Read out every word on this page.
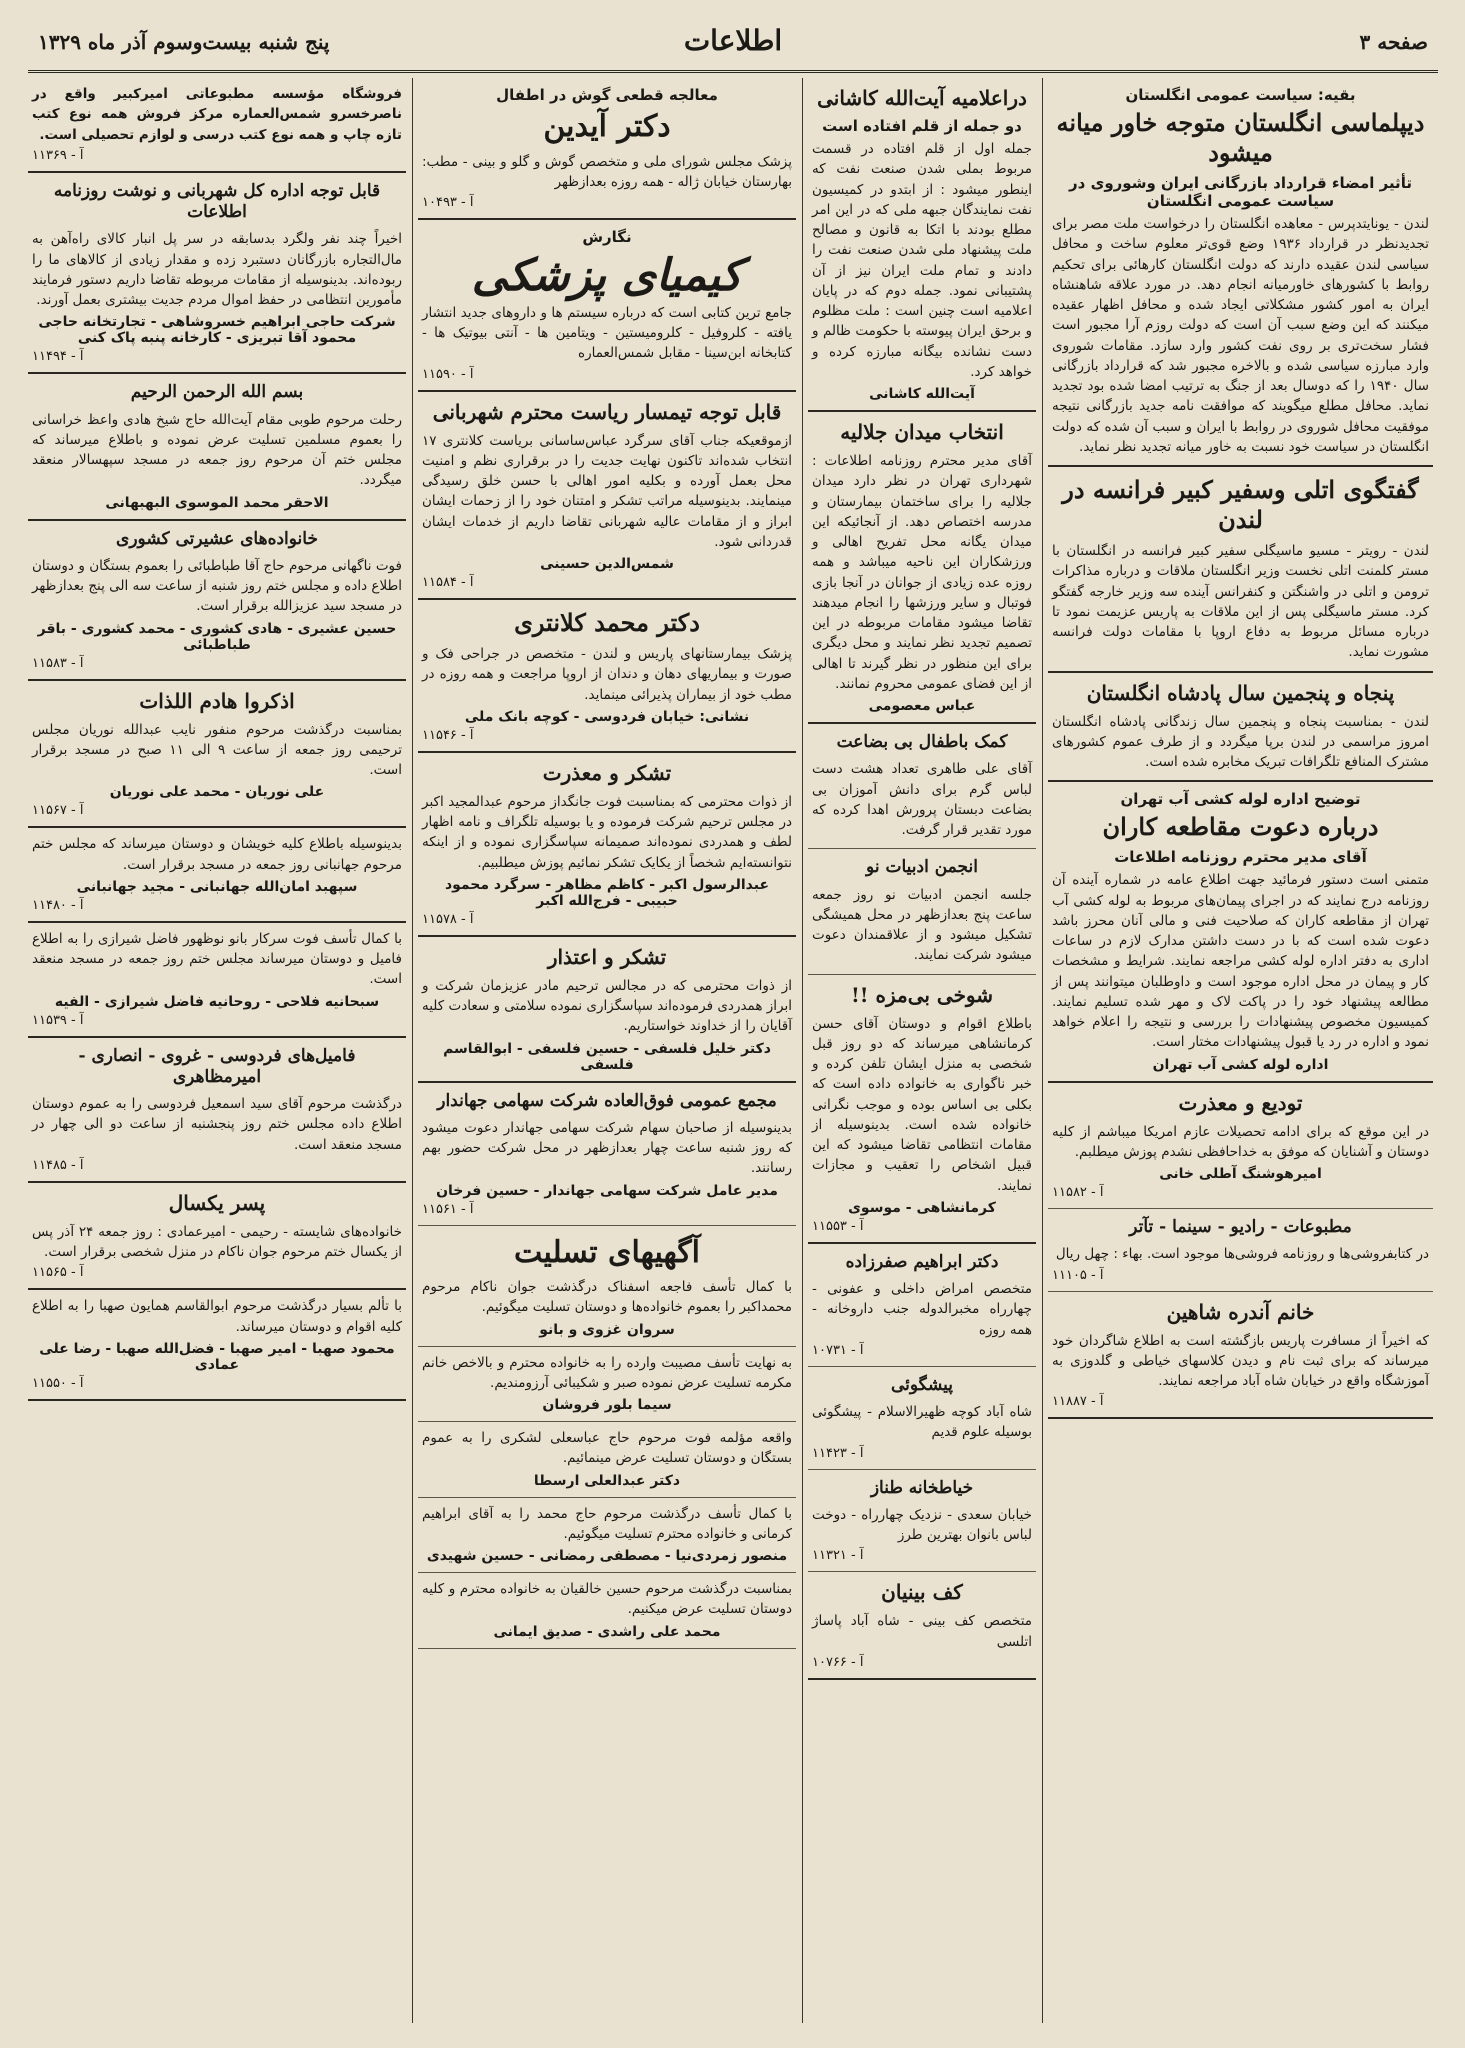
صفحه ۳
اطلاعات
پنج شنبه بیست‌وسوم آذر ماه ۱۳۲۹
بقیه: سیاست عمومی انگلستان
دیپلماسی انگلستان متوجه خاور میانه میشود
تأثیر امضاء قرارداد بازرگانی ایران وشوروی در سیاست عمومی انگلستان
لندن - یونایتدپرس - معاهده انگلستان را درخواست ملت مصر برای تجدیدنظر در قرارداد ۱۹۳۶ وضع قوی‌تر معلوم ساخت و محافل سیاسی لندن عقیده دارند که دولت انگلستان کارهائی برای تحکیم روابط با کشورهای خاورمیانه انجام دهد. در مورد علاقه شاهنشاه ایران به امور کشور مشکلاتی ایجاد شده و محافل اظهار عقیده میکنند که این وضع سبب آن است که دولت روزم آرا مجبور است فشار سخت‌تری بر روی نفت کشور وارد سازد. مقامات شوروی وارد مبارزه سیاسی شده و بالاخره مجبور شد که قرارداد بازرگانی سال ۱۹۴۰ را که دوسال بعد از جنگ به ترتیب امضا شده بود تجدید نماید. محافل مطلع میگویند که موافقت نامه جدید بازرگانی نتیجه موفقیت محافل شوروی در روابط با ایران و سبب آن شده که دولت انگلستان در سیاست خود نسبت به خاور میانه تجدید نظر نماید.
گفتگوی اتلی وسفیر کبیر فرانسه در لندن
لندن - رویتر - مسیو ماسیگلی سفیر کبیر فرانسه در انگلستان با مستر کلمنت اتلی نخست وزیر انگلستان ملاقات و درباره مذاکرات ترومن و اتلی در واشنگتن و کنفرانس آینده سه وزیر خارجه گفتگو کرد. مستر ماسیگلی پس از این ملاقات به پاریس عزیمت نمود تا درباره مسائل مربوط به دفاع اروپا با مقامات دولت فرانسه مشورت نماید.
پنجاه و پنجمین سال پادشاه انگلستان
لندن - بمناسبت پنجاه و پنجمین سال زندگانی پادشاه انگلستان امروز مراسمی در لندن برپا میگردد و از طرف عموم کشورهای مشترک المنافع تلگرافات تبریک مخابره شده است.
توضیح اداره لوله کشی آب تهران
درباره دعوت مقاطعه کاران
آقای مدیر محترم روزنامه اطلاعات
متمنی است دستور فرمائید جهت اطلاع عامه در شماره آینده آن روزنامه درج نمایند که در اجرای پیمان‌های مربوط به لوله کشی آب تهران از مقاطعه کاران که صلاحیت فنی و مالی آنان محرز باشد دعوت شده است که با در دست داشتن مدارک لازم در ساعات اداری به دفتر اداره لوله کشی مراجعه نمایند. شرایط و مشخصات کار و پیمان در محل اداره موجود است و داوطلبان میتوانند پس از مطالعه پیشنهاد خود را در پاکت لاک و مهر شده تسلیم نمایند. کمیسیون مخصوص پیشنهادات را بررسی و نتیجه را اعلام خواهد نمود و اداره در رد یا قبول پیشنهادات مختار است.
اداره لوله کشی آب تهران
تودیع و معذرت
در این موقع که برای ادامه تحصیلات عازم امریکا میباشم از کلیه دوستان و آشنایان که موفق به خداحافظی نشدم پوزش میطلبم.
امیرهوشنگ آطلی خانی
آ - ۱۱۵۸۲
مطبوعات - رادیو - سینما - تآتر
در کتابفروشی‌ها و روزنامه فروشی‌ها موجود است. بهاء : چهل ریال
آ - ۱۱۱۰۵
خانم آندره شاهین
که اخیراً از مسافرت پاریس بازگشته است به اطلاع شاگردان خود میرساند که برای ثبت نام و دیدن کلاسهای خیاطی و گلدوزی به آموزشگاه واقع در خیابان شاه آباد مراجعه نمایند.
آ - ۱۱۸۸۷
دراعلامیه آیت‌الله کاشانی
دو جمله از قلم افتاده است
جمله اول از قلم افتاده در قسمت مربوط بملی شدن صنعت نفت که اینطور میشود : از ابتدو در کمیسیون نفت نمایندگان جبهه ملی که در این امر مطلع بودند با اتکا به قانون و مصالح ملت پیشنهاد ملی شدن صنعت نفت را دادند و تمام ملت ایران نیز از آن پشتیبانی نمود. جمله دوم که در پایان اعلامیه است چنین است : ملت مظلوم و برحق ایران پیوسته با حکومت ظالم و دست نشانده بیگانه مبارزه کرده و خواهد کرد.
آیت‌الله کاشانی
انتخاب میدان جلالیه
آقای مدیر محترم روزنامه اطلاعات : شهرداری تهران در نظر دارد میدان جلالیه را برای ساختمان بیمارستان و مدرسه اختصاص دهد. از آنجائیکه این میدان یگانه محل تفریح اهالی و ورزشکاران این ناحیه میباشد و همه روزه عده زیادی از جوانان در آنجا بازی فوتبال و سایر ورزشها را انجام میدهند تقاضا میشود مقامات مربوطه در این تصمیم تجدید نظر نمایند و محل دیگری برای این منظور در نظر گیرند تا اهالی از این فضای عمومی محروم نمانند.
عباس معصومی
کمک باطفال بی بضاعت
آقای علی طاهری تعداد هشت دست لباس گرم برای دانش آموزان بی بضاعت دبستان پرورش اهدا کرده که مورد تقدیر قرار گرفت.
انجمن ادبیات نو
جلسه انجمن ادبیات نو روز جمعه ساعت پنج بعدازظهر در محل همیشگی تشکیل میشود و از علاقمندان دعوت میشود شرکت نمایند.
شوخی بی‌مزه !!
باطلاع اقوام و دوستان آقای حسن کرمانشاهی میرساند که دو روز قبل شخصی به منزل ایشان تلفن کرده و خبر ناگواری به خانواده داده است که بکلی بی اساس بوده و موجب نگرانی خانواده شده است. بدینوسیله از مقامات انتظامی تقاضا میشود که این قبیل اشخاص را تعقیب و مجازات نمایند.
کرمانشاهی - موسوی
آ - ۱۱۵۵۳
دکتر ابراهیم صفرزاده
متخصص امراض داخلی و عفونی - چهارراه مخبرالدوله جنب داروخانه - همه روزه
آ - ۱۰۷۳۱
پیشگوئی
شاه آباد کوچه ظهیرالاسلام - پیشگوئی بوسیله علوم قدیم
آ - ۱۱۴۲۳
خیاطخانه طناز
خیابان سعدی - نزدیک چهارراه - دوخت لباس بانوان بهترین طرز
آ - ۱۱۳۲۱
کف بینیان
متخصص کف بینی - شاه آباد پاساژ اتلسی
آ - ۱۰۷۶۶
معالجه قطعی گوش در اطفال
دکتر آیدین
پزشک مجلس شورای ملی و متخصص گوش و گلو و بینی - مطب: بهارستان خیابان ژاله - همه روزه بعدازظهر
آ - ۱۰۴۹۳
نگارش
کیمیای پزشکی
جامع ترین کتابی است که درباره سیستم ها و داروهای جدید انتشار یافته - کلروفیل - کلرومیستین - ویتامین ها - آنتی بیوتیک ها - کتابخانه ابن‌سینا - مقابل شمس‌العماره
آ - ۱۱۵۹۰
قابل توجه تیمسار ریاست محترم شهربانی
ازموقعیکه جناب آقای سرگرد عباس‌ساسانی بریاست کلانتری ۱۷ انتخاب شده‌اند تاکنون نهایت جدیت را در برقراری نظم و امنیت محل بعمل آورده و بکلیه امور اهالی با حسن خلق رسیدگی مینمایند. بدینوسیله مراتب تشکر و امتنان خود را از زحمات ایشان ابراز و از مقامات عالیه شهربانی تقاضا داریم از خدمات ایشان قدردانی شود.
شمس‌الدین حسینی
آ - ۱۱۵۸۴
دکتر محمد کلانتری
پزشک بیمارستانهای پاریس و لندن - متخصص در جراحی فک و صورت و بیماریهای دهان و دندان از اروپا مراجعت و همه روزه در مطب خود از بیماران پذیرائی مینماید.
نشانی: خیابان فردوسی - کوچه بانک ملی
آ - ۱۱۵۴۶
تشکر و معذرت
از ذوات محترمی که بمناسبت فوت جانگداز مرحوم عبدالمجید اکبر در مجلس ترحیم شرکت فرموده و یا بوسیله تلگراف و نامه اظهار لطف و همدردی نموده‌اند صمیمانه سپاسگزاری نموده و از اینکه نتوانسته‌ایم شخصاً از یکایک تشکر نمائیم پوزش میطلبیم.
عبدالرسول اکبر - کاظم مظاهر - سرگرد محمود حبیبی - فرج‌الله اکبر
آ - ۱۱۵۷۸
تشکر و اعتذار
از ذوات محترمی که در مجالس ترحیم مادر عزیزمان شرکت و ابراز همدردی فرموده‌اند سپاسگزاری نموده سلامتی و سعادت کلیه آقایان را از خداوند خواستاریم.
دکتر خلیل فلسفی - حسین فلسفی - ابوالقاسم فلسفی
مجمع عمومی فوق‌العاده شرکت سهامی جهاندار
بدینوسیله از صاحبان سهام شرکت سهامی جهاندار دعوت میشود که روز شنبه ساعت چهار بعدازظهر در محل شرکت حضور بهم رسانند.
مدیر عامل شرکت سهامی جهاندار - حسین فرخان
آ - ۱۱۵۶۱
آگهیهای تسلیت
با کمال تأسف فاجعه اسفناک درگذشت جوان ناکام مرحوم محمداکبر را بعموم خانواده‌ها و دوستان تسلیت میگوئیم.
سروان غزوی و بانو
به نهایت تأسف مصیبت وارده را به خانواده محترم و بالاخص خانم مکرمه تسلیت عرض نموده صبر و شکیبائی آرزومندیم.
سیما بلور فروشان
واقعه مؤلمه فوت مرحوم حاج عباسعلی لشکری را به عموم بستگان و دوستان تسلیت عرض مینمائیم.
دکتر عبدالعلی ارسطا
با کمال تأسف درگذشت مرحوم حاج محمد را به آقای ابراهیم کرمانی و خانواده محترم تسلیت میگوئیم.
منصور زمردی‌نیا - مصطفی رمضانی - حسین شهیدی
بمناسبت درگذشت مرحوم حسین خالقیان به خانواده محترم و کلیه دوستان تسلیت عرض میکنیم.
محمد علی راشدی - صدیق ایمانی
فروشگاه مؤسسه مطبوعاتی امیرکبیر واقع در ناصرخسرو شمس‌العماره مرکز فروش همه نوع کتب تازه چاپ و همه نوع کتب درسی و لوازم تحصیلی است.
آ - ۱۱۳۶۹
قابل توجه اداره کل شهربانی و نوشت روزنامه اطلاعات
اخیراً چند نفر ولگرد بدسابقه در سر پل انبار کالای راه‌آهن به مال‌التجاره بازرگانان دستبرد زده و مقدار زیادی از کالاهای ما را ربوده‌اند. بدینوسیله از مقامات مربوطه تقاضا داریم دستور فرمایند مأمورین انتظامی در حفظ اموال مردم جدیت بیشتری بعمل آورند.
شرکت حاجی ابراهیم خسروشاهی - تجارتخانه حاجی محمود آقا تبریزی - کارخانه پنبه پاک کنی
آ - ۱۱۴۹۴
بسم الله الرحمن الرحیم
رحلت مرحوم طوبی مقام آیت‌الله حاج شیخ هادی واعظ خراسانی را بعموم مسلمین تسلیت عرض نموده و باطلاع میرساند که مجلس ختم آن مرحوم روز جمعه در مسجد سپهسالار منعقد میگردد.
الاحقر محمد الموسوی البهبهانی
خانواده‌های عشیرتی کشوری
فوت ناگهانی مرحوم حاج آقا طباطبائی را بعموم بستگان و دوستان اطلاع داده و مجلس ختم روز شنبه از ساعت سه الی پنج بعدازظهر در مسجد سید عزیزالله برقرار است.
حسین عشیری - هادی کشوری - محمد کشوری - باقر طباطبائی
آ - ۱۱۵۸۳
اذکروا هادم اللذات
بمناسبت درگذشت مرحوم منفور نایب عبدالله نوریان مجلس ترحیمی روز جمعه از ساعت ۹ الی ۱۱ صبح در مسجد برقرار است.
علی نوریان - محمد علی نوریان
آ - ۱۱۵۶۷
بدینوسیله باطلاع کلیه خویشان و دوستان میرساند که مجلس ختم مرحوم جهانبانی روز جمعه در مسجد برقرار است.
سپهبد امان‌الله جهانبانی - مجید جهانبانی
آ - ۱۱۴۸۰
با کمال تأسف فوت سرکار بانو نوظهور فاضل شیرازی را به اطلاع فامیل و دوستان میرساند مجلس ختم روز جمعه در مسجد منعقد است.
سبحانیه فلاحی - روحانیه فاضل شیرازی - الفیه
آ - ۱۱۵۳۹
فامیل‌های فردوسی - غروی - انصاری - امیرمظاهری
درگذشت مرحوم آقای سید اسمعیل فردوسی را به عموم دوستان اطلاع داده مجلس ختم روز پنجشنبه از ساعت دو الی چهار در مسجد منعقد است.
آ - ۱۱۴۸۵
پسر یکسال
خانواده‌های شایسته - رحیمی - امیرعمادی : روز جمعه ۲۴ آذر پس از یکسال ختم مرحوم جوان ناکام در منزل شخصی برقرار است.
آ - ۱۱۵۶۵
با تألم بسیار درگذشت مرحوم ابوالقاسم همایون صهبا را به اطلاع کلیه اقوام و دوستان میرساند.
محمود صهبا - امیر صهبا - فضل‌الله صهبا - رضا علی عمادی
آ - ۱۱۵۵۰
